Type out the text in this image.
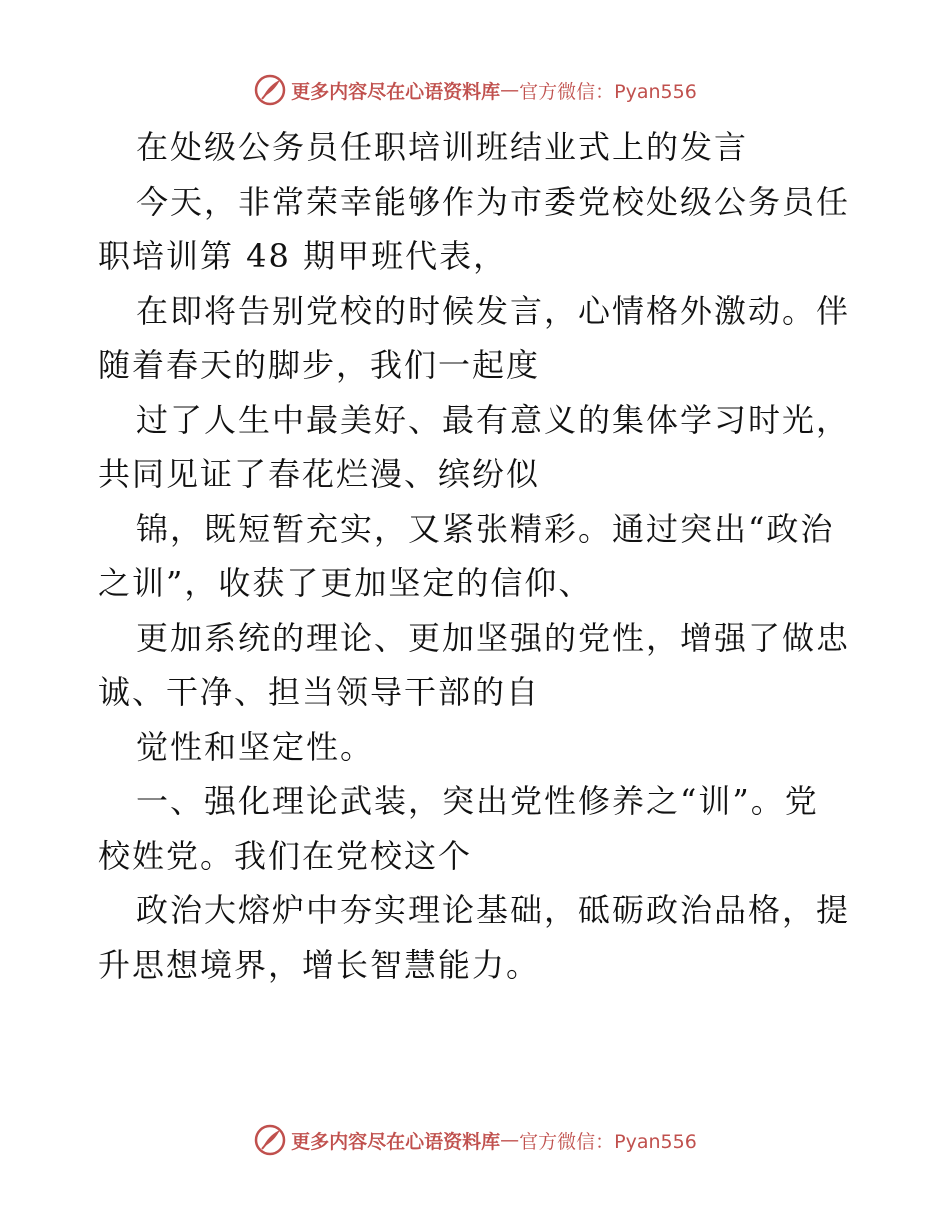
更多内容尽在心语资料库 — 官方微信：Pyan556

在处级公务员任职培训班结业式上的发言

今天，非常荣幸能够作为市委党校处级公务员任

职培训第 48 期甲班代表，

在即将告别党校的时候发言，心情格外激动。伴

随着春天的脚步，我们一起度

过了人生中最美好、最有意义的集体学习时光，

共同见证了春花烂漫、缤纷似

锦，既短暂充实，又紧张精彩。通过突出“政治

之训”，收获了更加坚定的信仰、

更加系统的理论、更加坚强的党性，增强了做忠

诚、干净、担当领导干部的自

觉性和坚定性。

一、强化理论武装，突出党性修养之“训”。党

校姓党。我们在党校这个

政治大熔炉中夯实理论基础，砥砺政治品格，提

升思想境界，增长智慧能力。

更多内容尽在心语资料库 — 官方微信：Pyan556
